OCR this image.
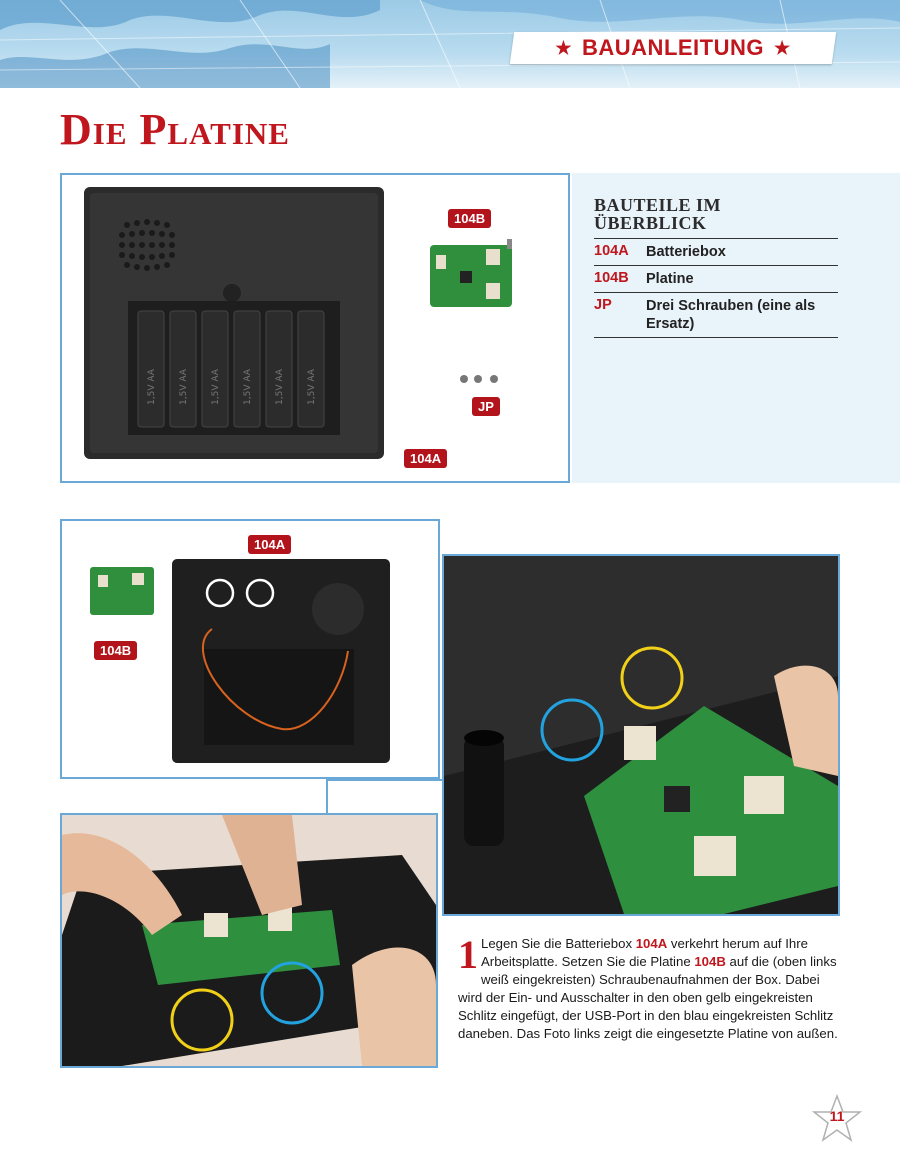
★ BAUANLEITUNG ★
Die Platine
1,5V AA 1,5V AA 1,5V AA 1,5V AA 1,5V AA 1,5V AA
104B
JP
104A
BAUTEILE IM
ÜBERBLICK
104A	Batteriebox
104B	Platine
JP	Drei Schrauben (eine als Ersatz)
104A
104B

1 Legen Sie die Batteriebox 104A verkehrt herum auf Ihre Arbeitsplatte. Setzen Sie die Platine 104B auf die (oben links weiß eingekreisten) Schraubenaufnahmen der Box. Dabei wird der Ein- und Ausschalter in den oben gelb eingekreisten Schlitz eingefügt, der USB-Port in den blau eingekreisten Schlitz daneben. Das Foto links zeigt die eingesetzte Platine von außen.

11
